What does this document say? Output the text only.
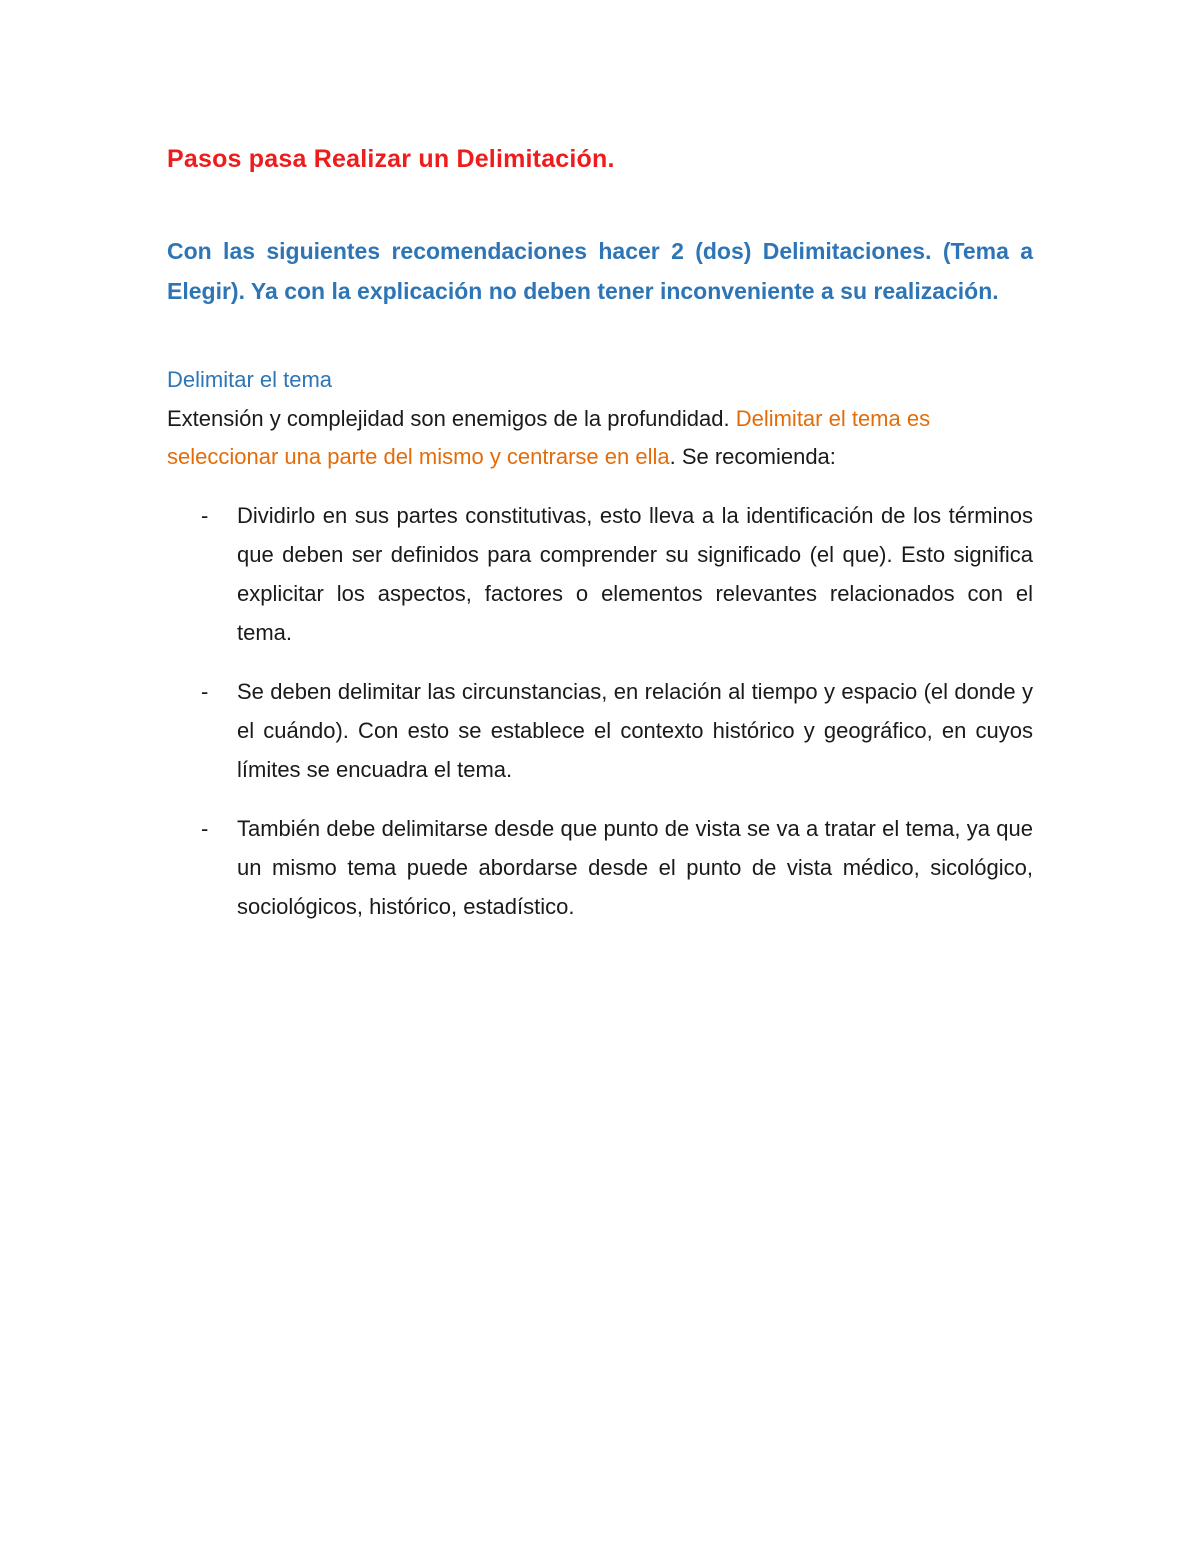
Pasos pasa Realizar un Delimitación.

Con las siguientes recomendaciones hacer 2 (dos) Delimitaciones. (Tema a Elegir). Ya con la explicación no deben tener inconveniente a su realización.

Delimitar el tema

Extensión y complejidad son enemigos de la profundidad. Delimitar el tema es seleccionar una parte del mismo y centrarse en ella. Se recomienda:

-	Dividirlo en sus partes constitutivas, esto lleva a la identificación de los términos que deben ser definidos para comprender su significado (el que). Esto significa explicitar los aspectos, factores o elementos relevantes relacionados con el tema.
-	Se deben delimitar las circunstancias, en relación al tiempo y espacio (el donde y el cuándo). Con esto se establece el contexto histórico y geográfico, en cuyos límites se encuadra el tema.
-	También debe delimitarse desde que punto de vista se va a tratar el tema, ya que un mismo tema puede abordarse desde el punto de vista médico, sicológico, sociológicos, histórico, estadístico.
